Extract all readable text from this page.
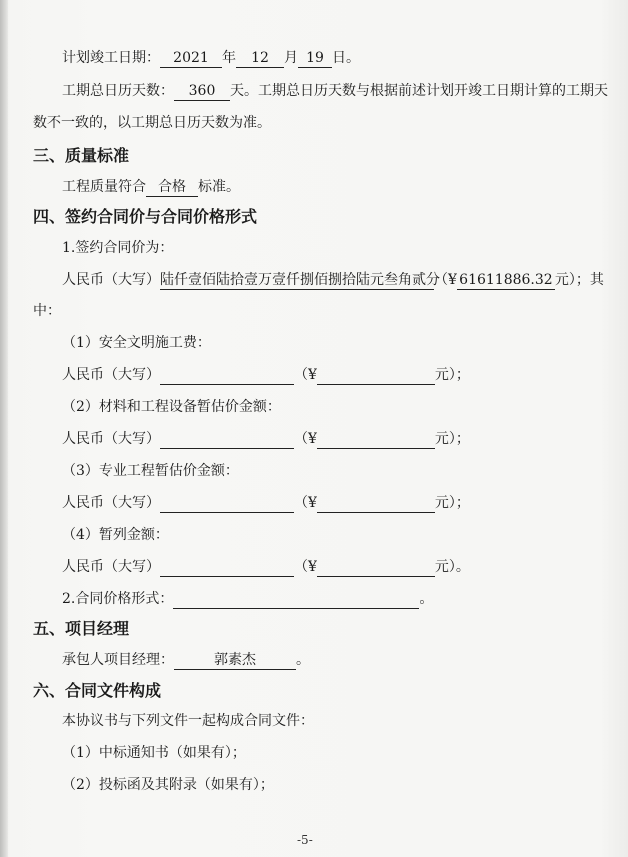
计划竣工日期： 2021 年 12 月 19 日。
工期总日历天数： 360 天。工期总日历天数与根据前述计划开竣工日期计算的工期天
数不一致的，以工期总日历天数为准。
三、质量标准
工程质量符合 合格 标准。
四、签约合同价与合同价格形式
1.签约合同价为：
人民币（大写）陆仟壹佰陆拾壹万壹仟捌佰捌拾陆元叁角贰分（¥ 61611886.32 元）；其
中：
（1）安全文明施工费：
人民币（大写）	（¥	元）；
（2）材料和工程设备暂估价金额：
人民币（大写）	（¥	元）；
（3）专业工程暂估价金额：
人民币（大写）	（¥	元）；
（4）暂列金额：
人民币（大写）	（¥	元）。
2.合同价格形式：	。
五、项目经理
承包人项目经理：	郭素杰	。
六、合同文件构成
本协议书与下列文件一起构成合同文件：
（1）中标通知书（如果有）；
（2）投标函及其附录（如果有）；
-5-
